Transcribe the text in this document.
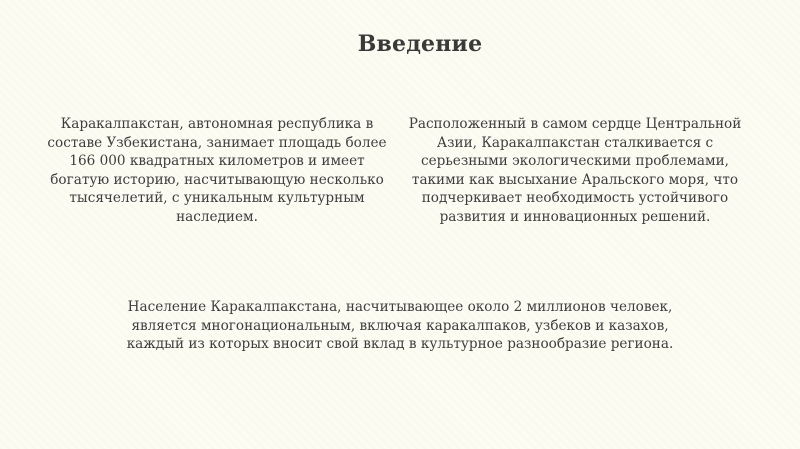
Введение
Каракалпакстан, автономная республика в составе Узбекистана, занимает площадь более 166 000 квадратных километров и имеет богатую историю, насчитывающую несколько тысячелетий, с уникальным культурным наследием.
Расположенный в самом сердце Центральной Азии, Каракалпакстан сталкивается с серьезными экологическими проблемами, такими как высыхание Аральского моря, что подчеркивает необходимость устойчивого развития и инновационных решений.
Население Каракалпакстана, насчитывающее около 2 миллионов человек, является многонациональным, включая каракалпаков, узбеков и казахов, каждый из которых вносит свой вклад в культурное разнообразие региона.
